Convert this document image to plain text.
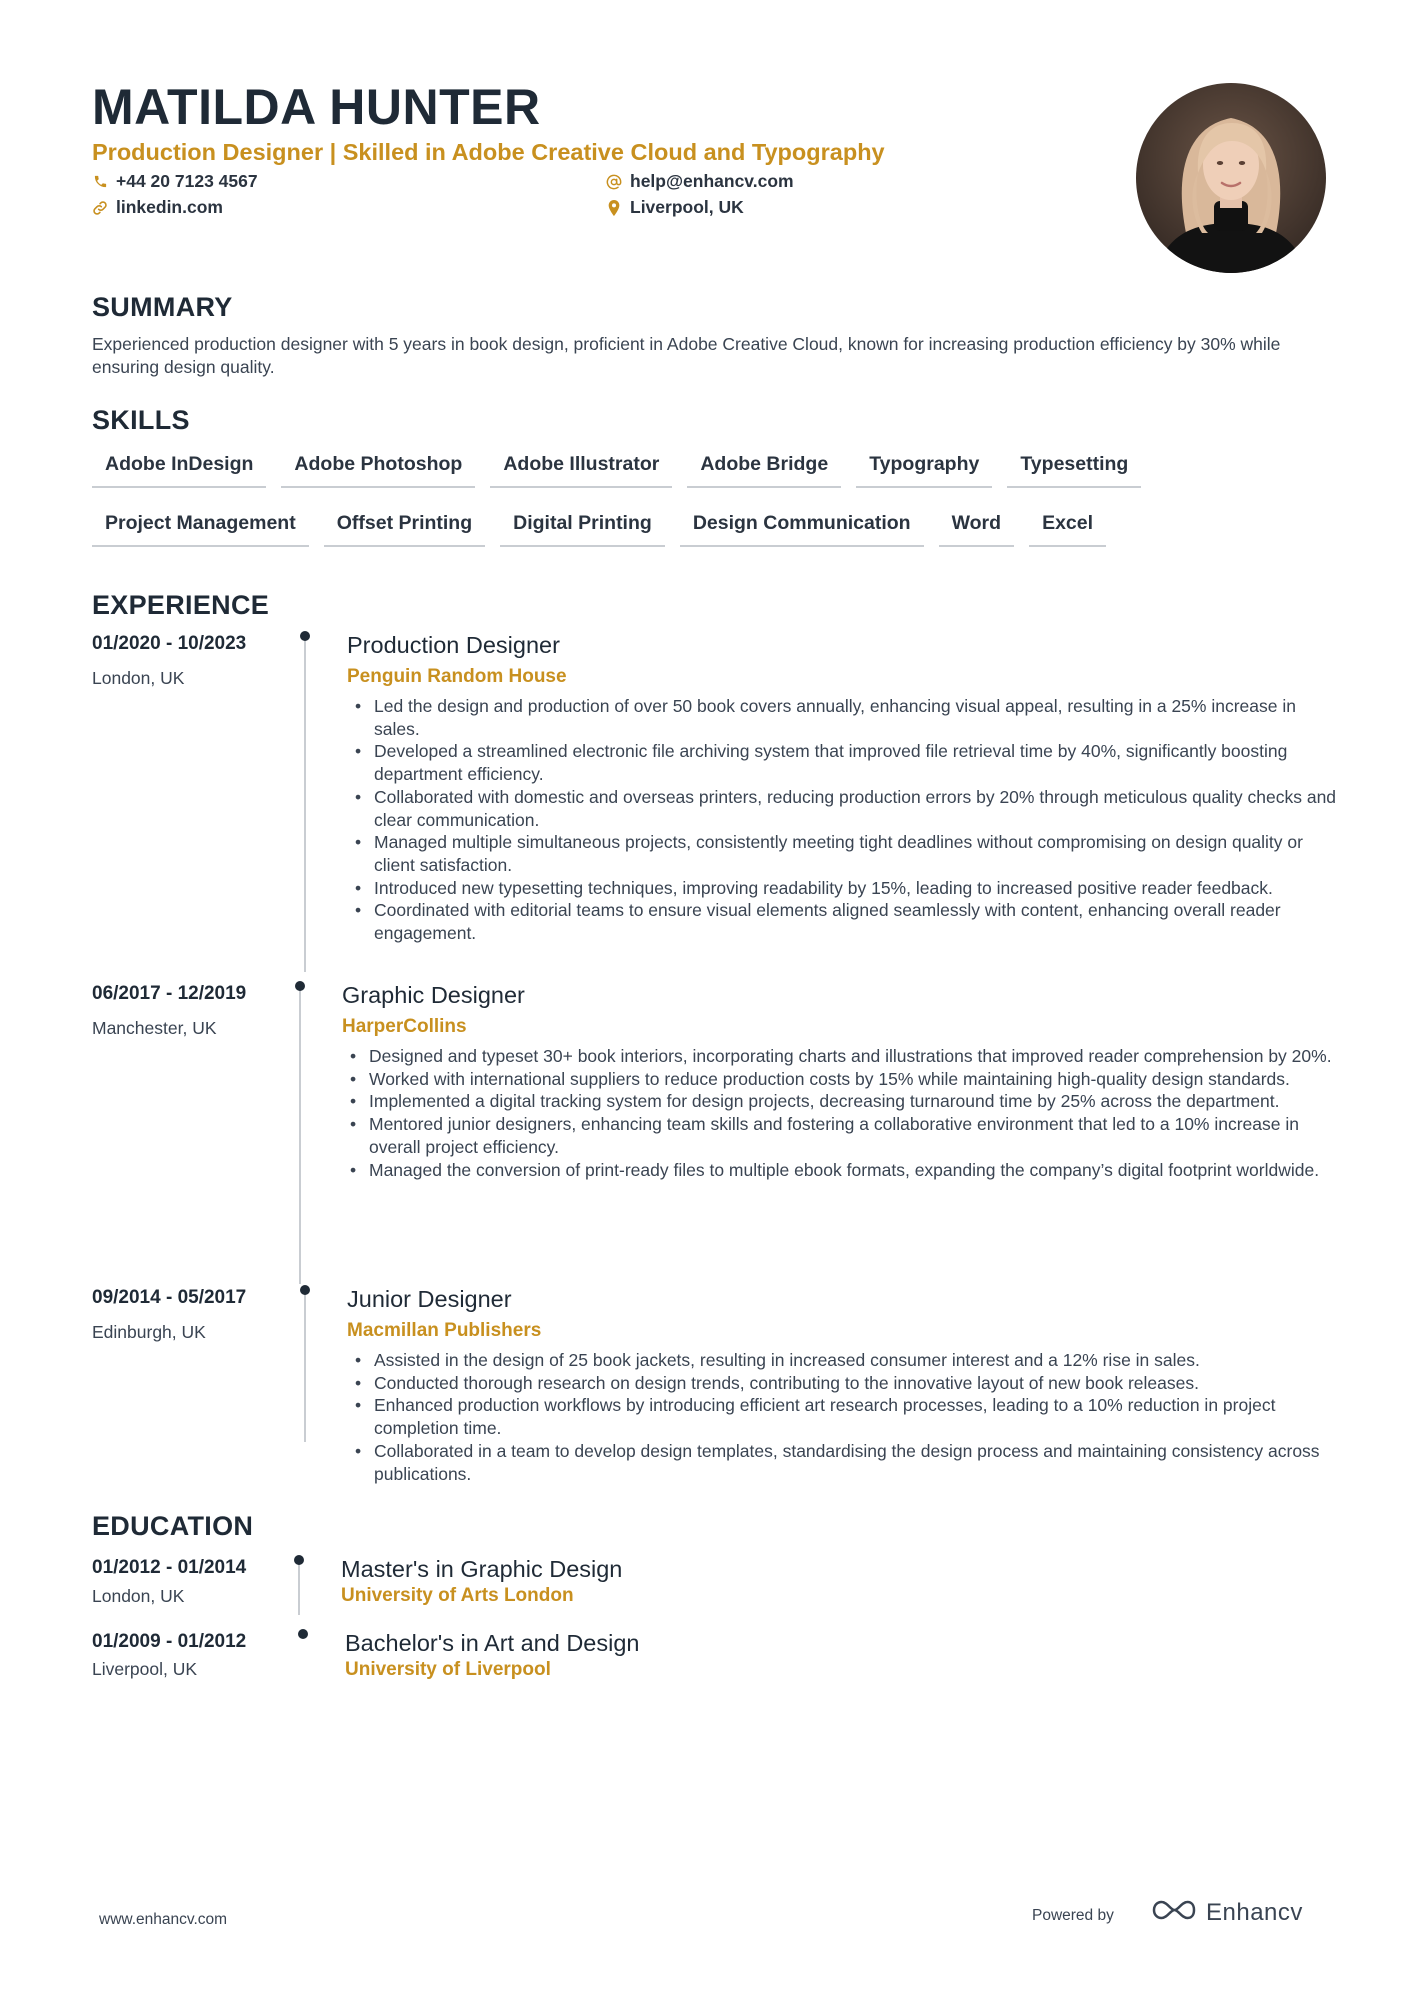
MATILDA HUNTER
Production Designer | Skilled in Adobe Creative Cloud and Typography
+44 20 7123 4567	help@enhancv.com
linkedin.com	Liverpool, UK
SUMMARY
Experienced production designer with 5 years in book design, proficient in Adobe Creative Cloud, known for increasing production efficiency by 30% while ensuring design quality.
SKILLS
Adobe InDesign	Adobe Photoshop	Adobe Illustrator	Adobe Bridge	Typography	Typesetting
Project Management	Offset Printing	Digital Printing	Design Communication	Word	Excel
EXPERIENCE
01/2020 - 10/2023
London, UK
Production Designer
Penguin Random House
• Led the design and production of over 50 book covers annually, enhancing visual appeal, resulting in a 25% increase in sales.
• Developed a streamlined electronic file archiving system that improved file retrieval time by 40%, significantly boosting department efficiency.
• Collaborated with domestic and overseas printers, reducing production errors by 20% through meticulous quality checks and clear communication.
• Managed multiple simultaneous projects, consistently meeting tight deadlines without compromising on design quality or client satisfaction.
• Introduced new typesetting techniques, improving readability by 15%, leading to increased positive reader feedback.
• Coordinated with editorial teams to ensure visual elements aligned seamlessly with content, enhancing overall reader engagement.
06/2017 - 12/2019
Manchester, UK
Graphic Designer
HarperCollins
• Designed and typeset 30+ book interiors, incorporating charts and illustrations that improved reader comprehension by 20%.
• Worked with international suppliers to reduce production costs by 15% while maintaining high-quality design standards.
• Implemented a digital tracking system for design projects, decreasing turnaround time by 25% across the department.
• Mentored junior designers, enhancing team skills and fostering a collaborative environment that led to a 10% increase in overall project efficiency.
• Managed the conversion of print-ready files to multiple ebook formats, expanding the company’s digital footprint worldwide.
09/2014 - 05/2017
Edinburgh, UK
Junior Designer
Macmillan Publishers
• Assisted in the design of 25 book jackets, resulting in increased consumer interest and a 12% rise in sales.
• Conducted thorough research on design trends, contributing to the innovative layout of new book releases.
• Enhanced production workflows by introducing efficient art research processes, leading to a 10% reduction in project completion time.
• Collaborated in a team to develop design templates, standardising the design process and maintaining consistency across publications.
EDUCATION
01/2012 - 01/2014
London, UK
Master's in Graphic Design
University of Arts London
01/2009 - 01/2012
Liverpool, UK
Bachelor's in Art and Design
University of Liverpool
www.enhancv.com	Powered by	Enhancv
